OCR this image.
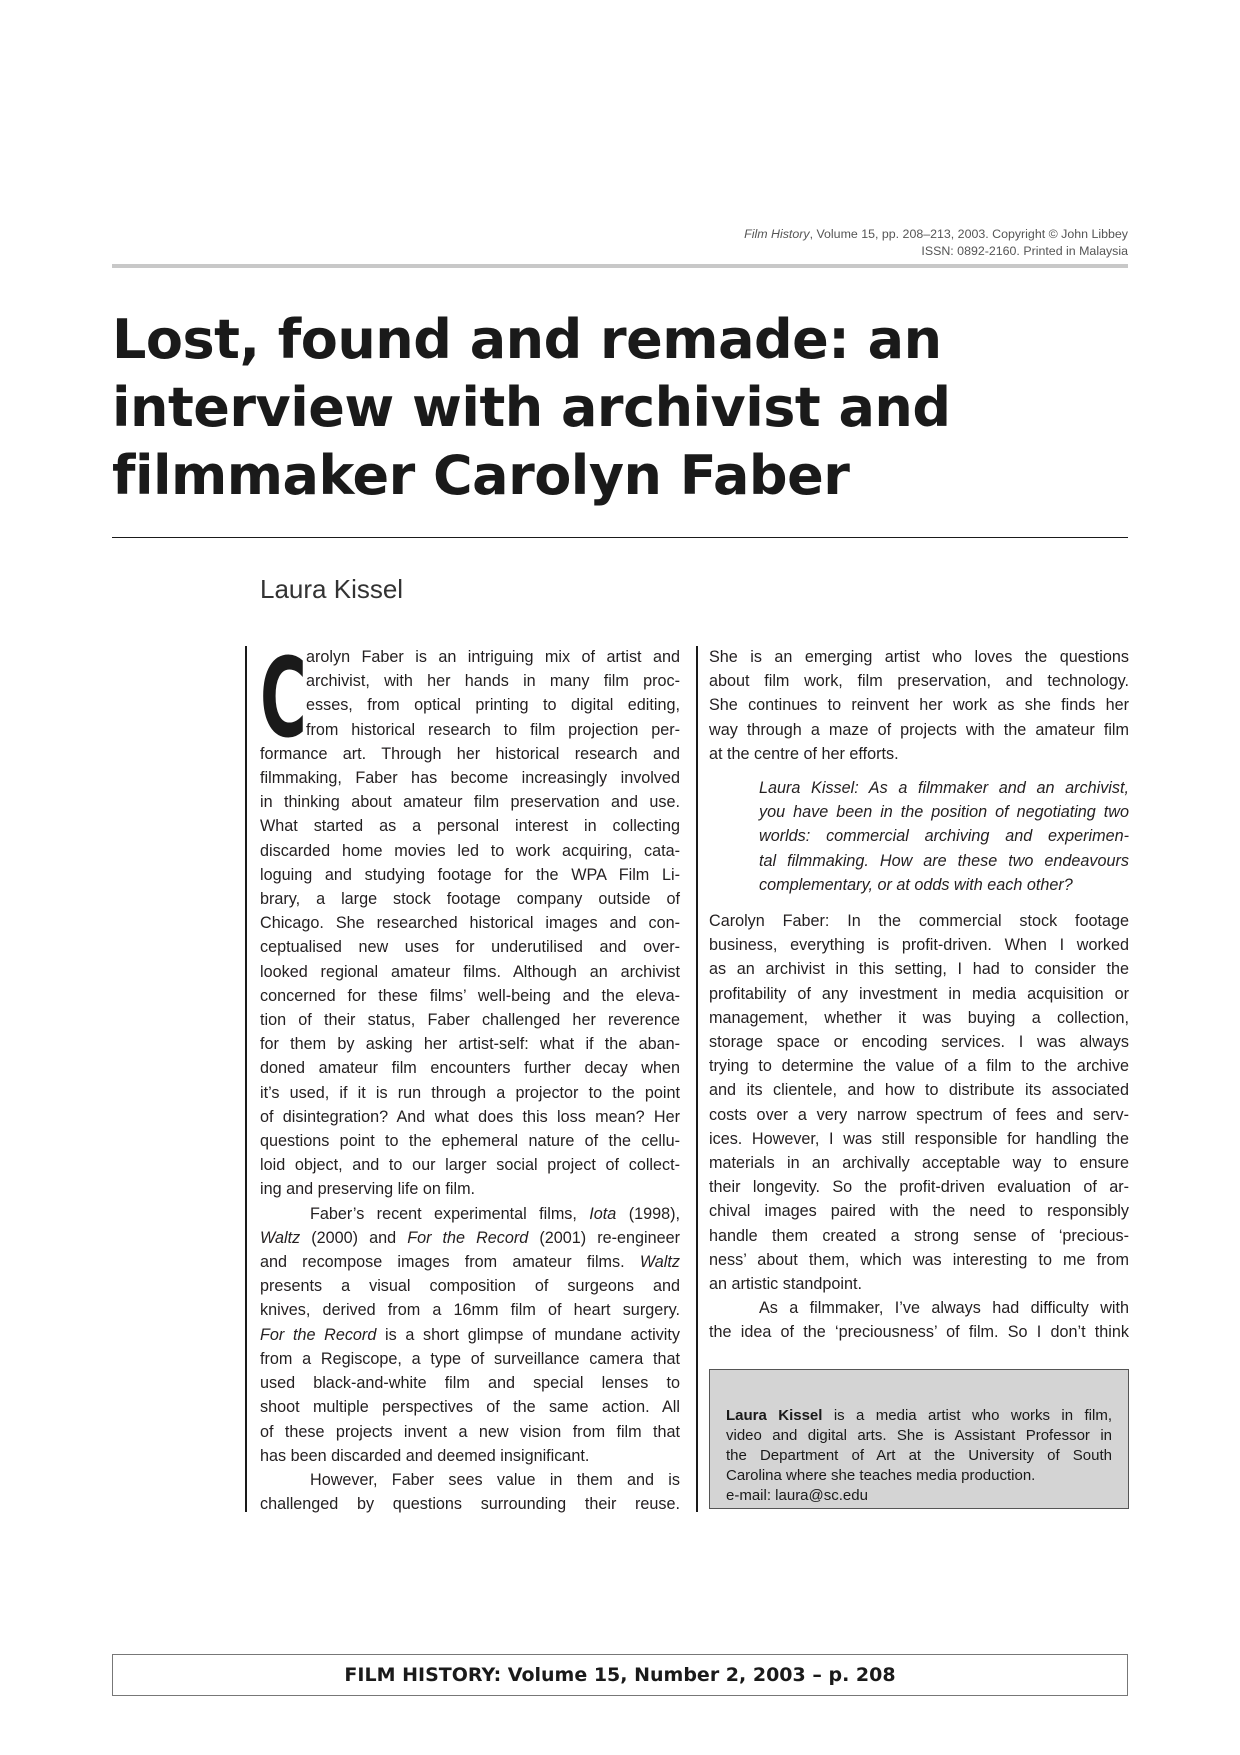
Film History, Volume 15, pp. 208–213, 2003. Copyright © John Libbey
ISSN: 0892-2160. Printed in Malaysia
Lost, found and remade: an
interview with archivist and
filmmaker Carolyn Faber
Laura Kissel
C arolyn Faber is an intriguing mix of artist and
archivist, with her hands in many film proc-
esses, from optical printing to digital editing,
from historical research to film projection per-
formance art. Through her historical research and
filmmaking, Faber has become increasingly involved
in thinking about amateur film preservation and use.
What started as a personal interest in collecting
discarded home movies led to work acquiring, cata-
loguing and studying footage for the WPA Film Li-
brary, a large stock footage company outside of
Chicago. She researched historical images and con-
ceptualised new uses for underutilised and over-
looked regional amateur films. Although an archivist
concerned for these films’ well-being and the eleva-
tion of their status, Faber challenged her reverence
for them by asking her artist-self: what if the aban-
doned amateur film encounters further decay when
it’s used, if it is run through a projector to the point
of disintegration? And what does this loss mean? Her
questions point to the ephemeral nature of the cellu-
loid object, and to our larger social project of collect-
ing and preserving life on film.

Faber’s recent experimental films, Iota (1998),
Waltz (2000) and For the Record (2001) re-engineer
and recompose images from amateur films. Waltz
presents a visual composition of surgeons and
knives, derived from a 16mm film of heart surgery.
For the Record is a short glimpse of mundane activity
from a Regiscope, a type of surveillance camera that
used black-and-white film and special lenses to
shoot multiple perspectives of the same action. All
of these projects invent a new vision from film that
has been discarded and deemed insignificant.

However, Faber sees value in them and is
challenged by questions surrounding their reuse.

She is an emerging artist who loves the questions
about film work, film preservation, and technology.
She continues to reinvent her work as she finds her
way through a maze of projects with the amateur film
at the centre of her efforts.

Laura Kissel: As a filmmaker and an archivist,
you have been in the position of negotiating two
worlds: commercial archiving and experimen-
tal filmmaking. How are these two endeavours
complementary, or at odds with each other?

Carolyn Faber: In the commercial stock footage
business, everything is profit-driven. When I worked
as an archivist in this setting, I had to consider the
profitability of any investment in media acquisition or
management, whether it was buying a collection,
storage space or encoding services. I was always
trying to determine the value of a film to the archive
and its clientele, and how to distribute its associated
costs over a very narrow spectrum of fees and serv-
ices. However, I was still responsible for handling the
materials in an archivally acceptable way to ensure
their longevity. So the profit-driven evaluation of ar-
chival images paired with the need to responsibly
handle them created a strong sense of ‘precious-
ness’ about them, which was interesting to me from
an artistic standpoint.

As a filmmaker, I’ve always had difficulty with
the idea of the ‘preciousness’ of film. So I don’t think

Laura Kissel is a media artist who works in film,
video and digital arts. She is Assistant Professor in
the Department of Art at the University of South
Carolina where she teaches media production.
e-mail: laura@sc.edu
FILM HISTORY: Volume 15, Number 2, 2003 – p. 208
